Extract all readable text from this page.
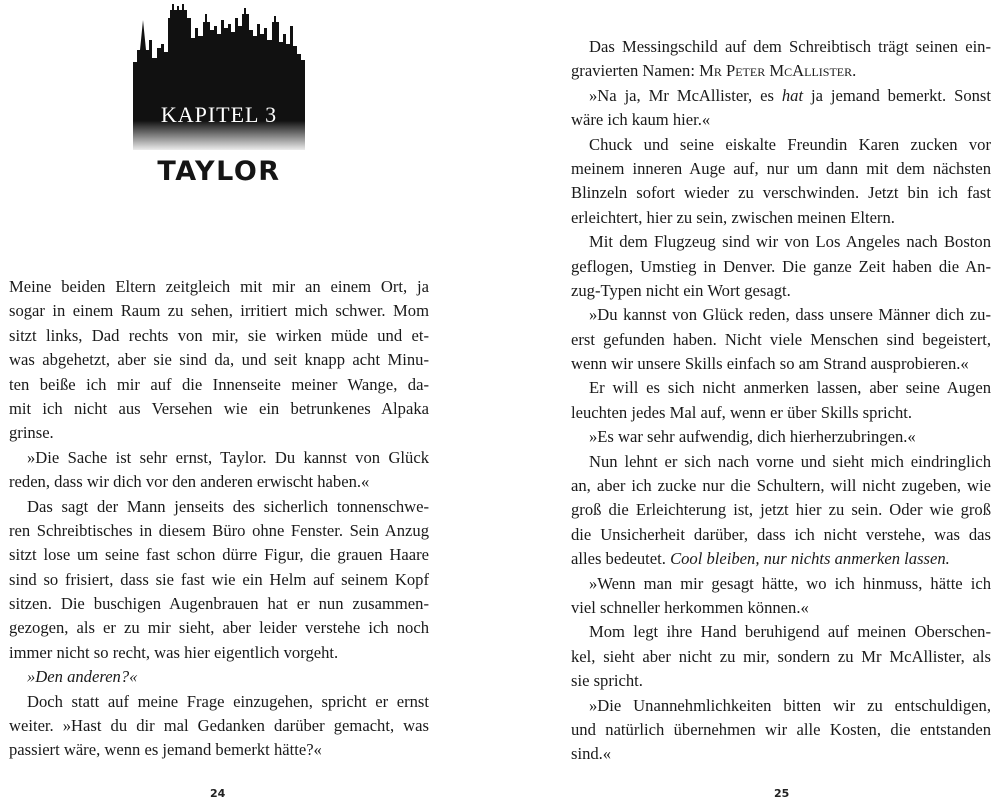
KAPITEL 3
TAYLOR
Meine beiden Eltern zeitgleich mit mir an einem Ort, ja
sogar in einem Raum zu sehen, irritiert mich schwer. Mom
sitzt links, Dad rechts von mir, sie wirken müde und et-
was abgehetzt, aber sie sind da, und seit knapp acht Minu-
ten beiße ich mir auf die Innenseite meiner Wange, da-
mit ich nicht aus Versehen wie ein betrunkenes Alpaka
grinse.
»Die Sache ist sehr ernst, Taylor. Du kannst von Glück
reden, dass wir dich vor den anderen erwischt haben.«
Das sagt der Mann jenseits des sicherlich tonnenschwe-
ren Schreibtisches in diesem Büro ohne Fenster. Sein Anzug
sitzt lose um seine fast schon dürre Figur, die grauen Haare
sind so frisiert, dass sie fast wie ein Helm auf seinem Kopf
sitzen. Die buschigen Augenbrauen hat er nun zusammen-
gezogen, als er zu mir sieht, aber leider verstehe ich noch
immer nicht so recht, was hier eigentlich vorgeht.
»Den anderen?«
Doch statt auf meine Frage einzugehen, spricht er ernst
weiter. »Hast du dir mal Gedanken darüber gemacht, was
passiert wäre, wenn es jemand bemerkt hätte?«
24
Das Messingschild auf dem Schreibtisch trägt seinen ein-
gravierten Namen: Mr Peter McAllister.
»Na ja, Mr McAllister, es hat ja jemand bemerkt. Sonst
wäre ich kaum hier.«
Chuck und seine eiskalte Freundin Karen zucken vor
meinem inneren Auge auf, nur um dann mit dem nächsten
Blinzeln sofort wieder zu verschwinden. Jetzt bin ich fast
erleichtert, hier zu sein, zwischen meinen Eltern.
Mit dem Flugzeug sind wir von Los Angeles nach Boston
geflogen, Umstieg in Denver. Die ganze Zeit haben die An-
zug-Typen nicht ein Wort gesagt.
»Du kannst von Glück reden, dass unsere Männer dich zu-
erst gefunden haben. Nicht viele Menschen sind begeistert,
wenn wir unsere Skills einfach so am Strand ausprobieren.«
Er will es sich nicht anmerken lassen, aber seine Augen
leuchten jedes Mal auf, wenn er über Skills spricht.
»Es war sehr aufwendig, dich hierherzubringen.«
Nun lehnt er sich nach vorne und sieht mich eindringlich
an, aber ich zucke nur die Schultern, will nicht zugeben, wie
groß die Erleichterung ist, jetzt hier zu sein. Oder wie groß
die Unsicherheit darüber, dass ich nicht verstehe, was das
alles bedeutet. Cool bleiben, nur nichts anmerken lassen.
»Wenn man mir gesagt hätte, wo ich hinmuss, hätte ich
viel schneller herkommen können.«
Mom legt ihre Hand beruhigend auf meinen Oberschen-
kel, sieht aber nicht zu mir, sondern zu Mr McAllister, als
sie spricht.
»Die Unannehmlichkeiten bitten wir zu entschuldigen,
und natürlich übernehmen wir alle Kosten, die entstanden
sind.«
25
